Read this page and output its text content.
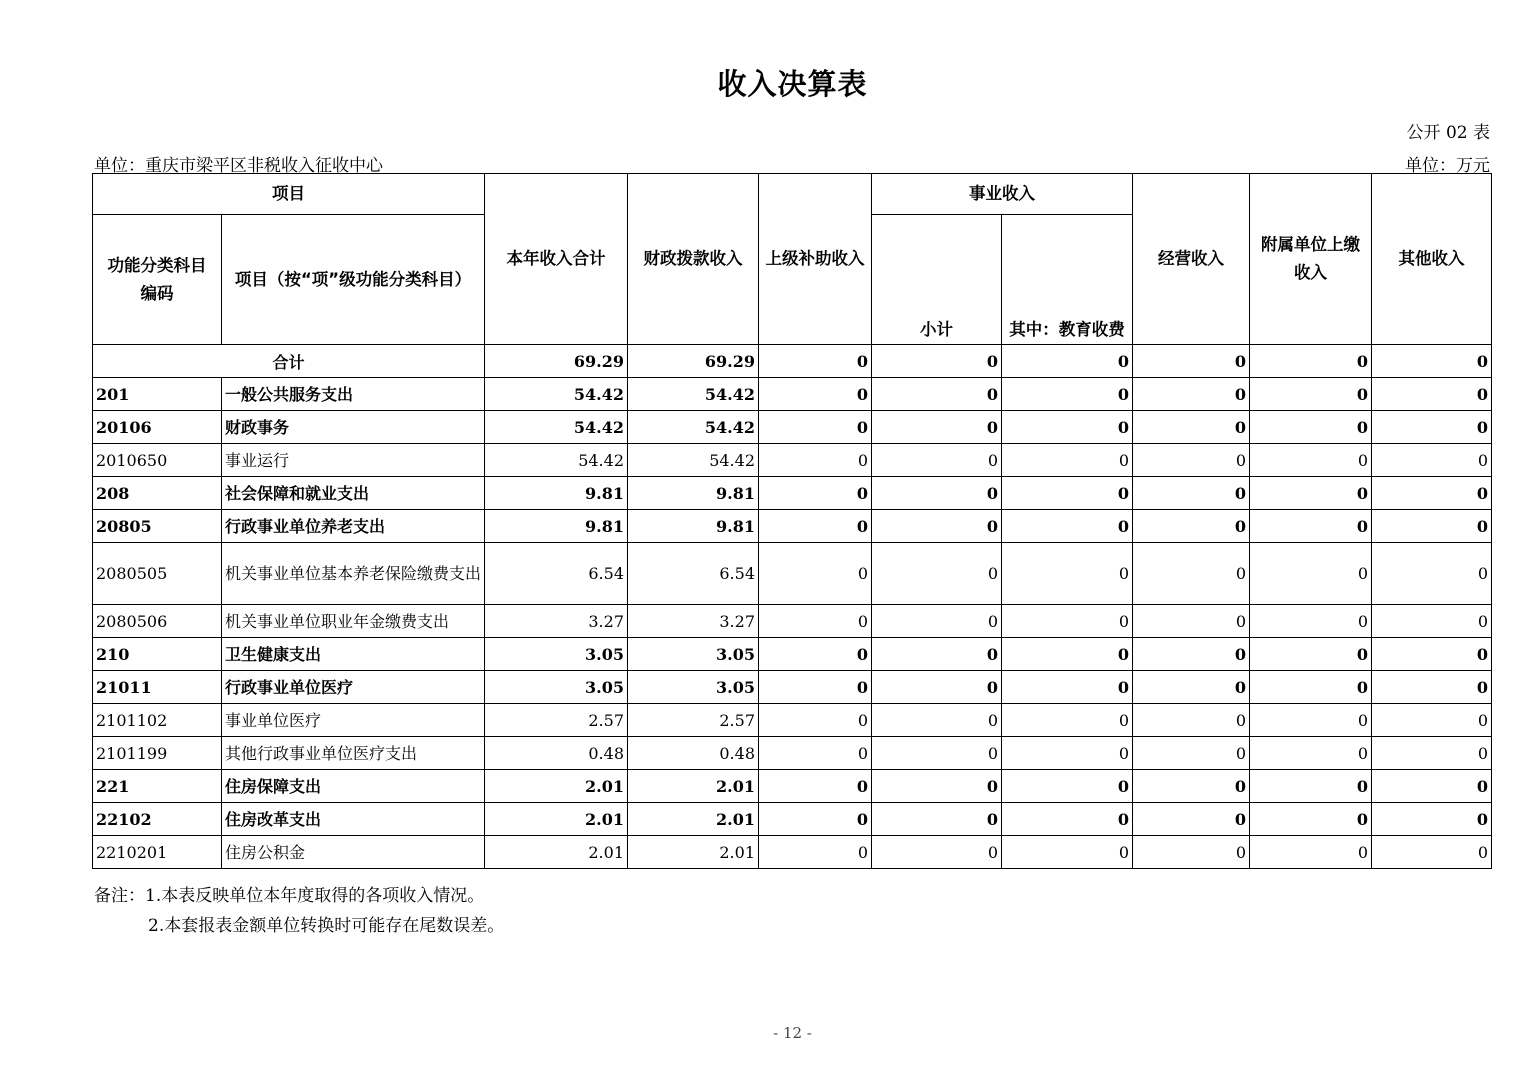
收入决算表
公开 02 表
单位：重庆市梁平区非税收入征收中心	单位：万元
项目		本年收入合计	财政拨款收入	上级补助收入	事业收入		经营收入	附属单位上缴收入	其他收入
功能分类科目编码	项目（按“项”级功能分类科目）				小计	其中：教育收费			
合计		69.29	69.29	0	0	0	0	0	0
201	一般公共服务支出	54.42	54.42	0	0	0	0	0	0
20106	财政事务	54.42	54.42	0	0	0	0	0	0
2010650	事业运行	54.42	54.42	0	0	0	0	0	0
208	社会保障和就业支出	9.81	9.81	0	0	0	0	0	0
20805	行政事业单位养老支出	9.81	9.81	0	0	0	0	0	0
2080505	机关事业单位基本养老保险缴费支出	6.54	6.54	0	0	0	0	0	0
2080506	机关事业单位职业年金缴费支出	3.27	3.27	0	0	0	0	0	0
210	卫生健康支出	3.05	3.05	0	0	0	0	0	0
21011	行政事业单位医疗	3.05	3.05	0	0	0	0	0	0
2101102	事业单位医疗	2.57	2.57	0	0	0	0	0	0
2101199	其他行政事业单位医疗支出	0.48	0.48	0	0	0	0	0	0
221	住房保障支出	2.01	2.01	0	0	0	0	0	0
22102	住房改革支出	2.01	2.01	0	0	0	0	0	0
2210201	住房公积金	2.01	2.01	0	0	0	0	0	0
备注：1.本表反映单位本年度取得的各项收入情况。
2.本套报表金额单位转换时可能存在尾数误差。
- 12 -
